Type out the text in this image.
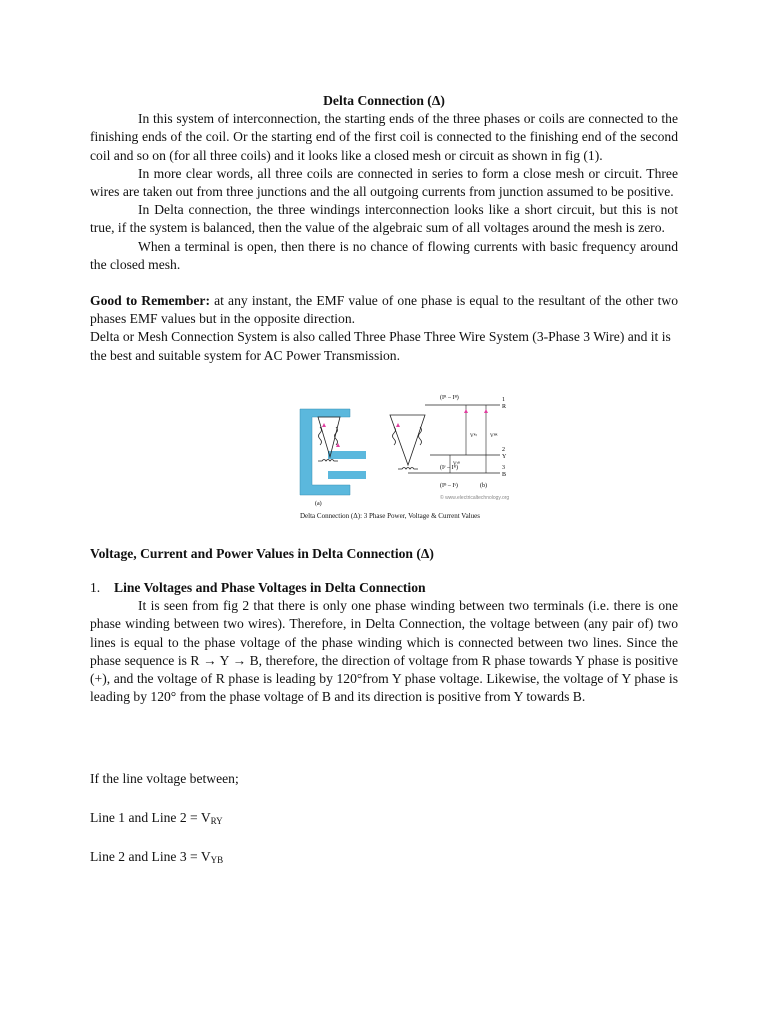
Delta Connection (Δ)

In this system of interconnection, the starting ends of the three phases or coils are connected to the finishing ends of the coil. Or the starting end of the first coil is connected to the finishing end of the second coil and so on (for all three coils) and it looks like a closed mesh or circuit as shown in fig (1).

In more clear words, all three coils are connected in series to form a close mesh or circuit. Three wires are taken out from three junctions and the all outgoing currents from junction assumed to be positive.

In Delta connection, the three windings interconnection looks like a short circuit, but this is not true, if the system is balanced, then the value of the algebraic sum of all voltages around the mesh is zero.

When a terminal is open, then there is no chance of flowing currents with basic frequency around the closed mesh.

Good to Remember: at any instant, the EMF value of one phase is equal to the resultant of the other two phases EMF values but in the opposite direction.

Delta or Mesh Connection System is also called Three Phase Three Wire System (3-Phase 3 Wire) and it is the best and suitable system for AC Power Transmission.

(a)
(Iᴿ – Iᴮ)
(Iᵞ – Iᴿ)
(Iᴮ – Iᵞ)
Vᴿᵞ	Vᴮᴿ
Vᵞᴮ
1
R
2
Y
3
B
(b)
© www.electricaltechnology.org
Delta Connection (Δ): 3 Phase Power, Voltage & Current Values

Voltage, Current and Power Values in Delta Connection (Δ)

1. Line Voltages and Phase Voltages in Delta Connection

It is seen from fig 2 that there is only one phase winding between two terminals (i.e. there is one phase winding between two wires). Therefore, in Delta Connection, the voltage between (any pair of) two lines is equal to the phase voltage of the phase winding which is connected between two lines. Since the phase sequence is R → Y → B, therefore, the direction of voltage from R phase towards Y phase is positive (+), and the voltage of R phase is leading by 120°from Y phase voltage. Likewise, the voltage of Y phase is leading by 120° from the phase voltage of B and its direction is positive from Y towards B.

If the line voltage between;

Line 1 and Line $2 = V_{RY}$

Line 2 and Line $3 = V_{YB}$
